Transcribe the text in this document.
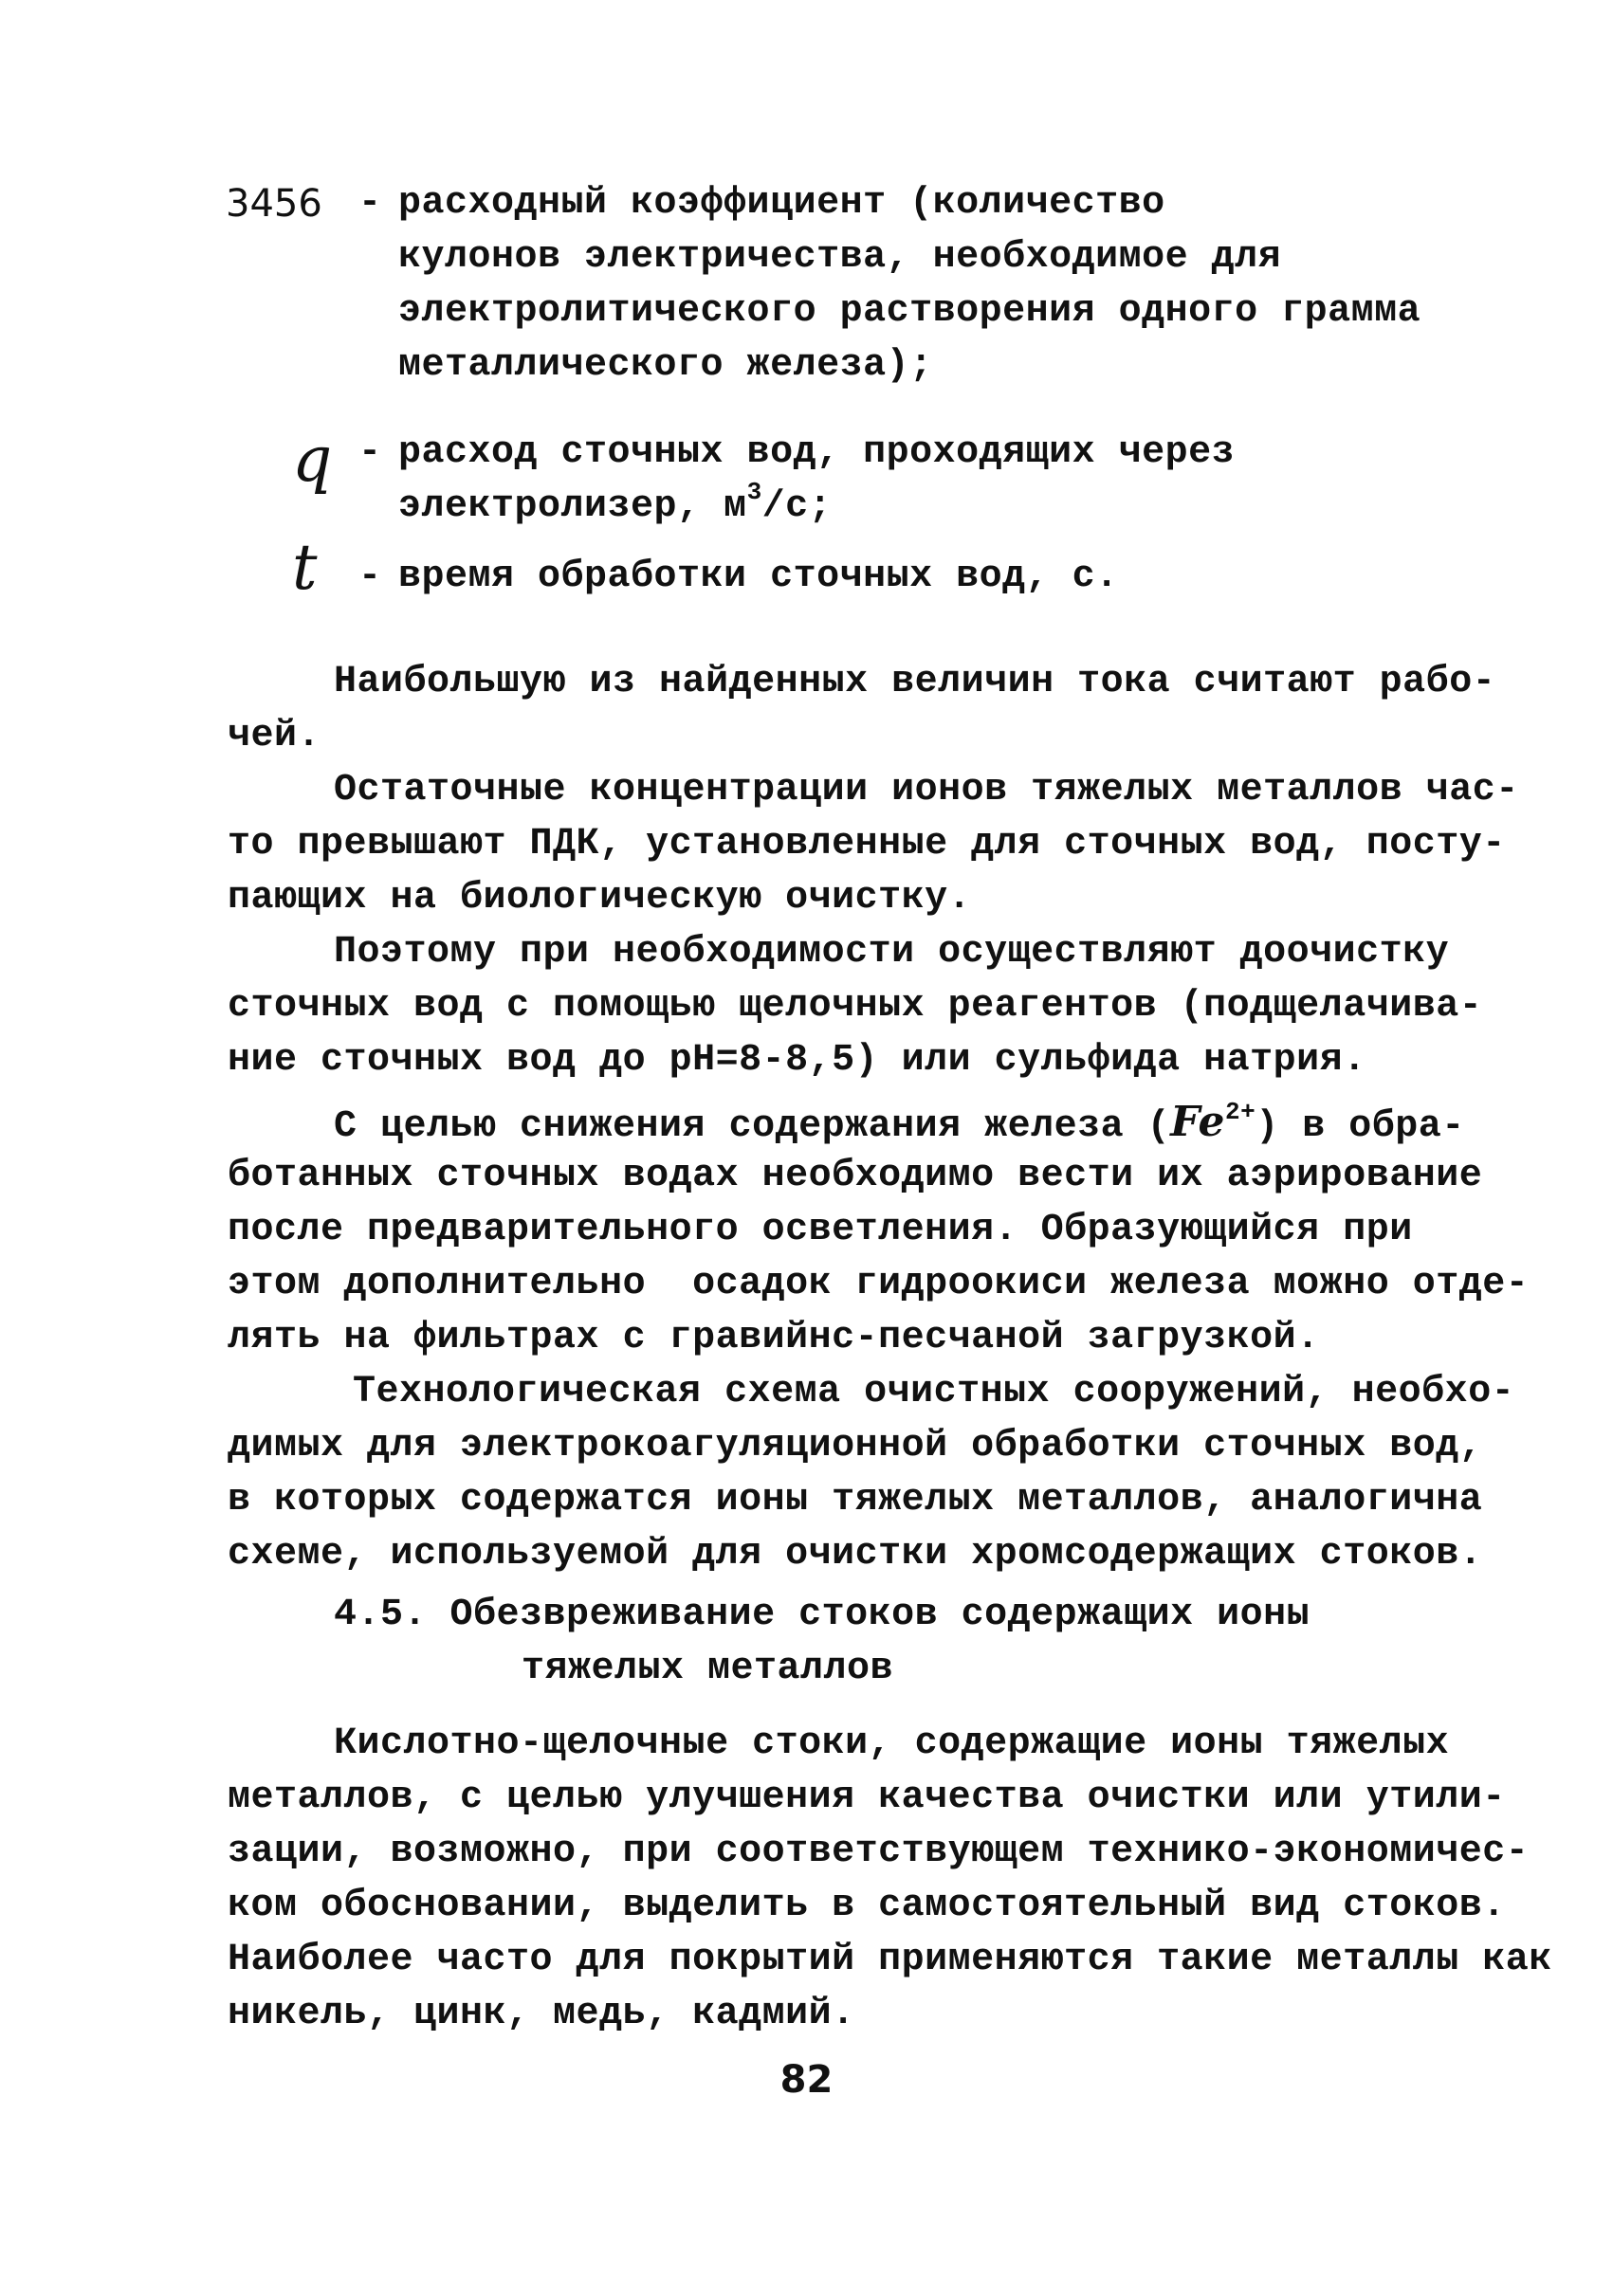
3456 - расходный коэффициент (количество
кулонов электричества, необходимое для
электролитического растворения одного грамма
металлического железа);
q - расход сточных вод, проходящих через
электролизер, $м^3/с$;
t - время обработки сточных вод, с.
Наибольшую из найденных величин тока считают рабо-
чей.
Остаточные концентрации ионов тяжелых металлов час-
то превышают ПДК, установленные для сточных вод, посту-
пающих на биологическую очистку.
Поэтому при необходимости осуществляют доочистку
сточных вод с помощью щелочных реагентов (подщелачива-
ние сточных вод до pH=8-8,5) или сульфида натрия.
С целью снижения содержания железа $(Fe^{2+})$ в обра-
ботанных сточных водах необходимо вести их аэрирование
после предварительного осветления. Образующийся при
этом дополнительно  осадок гидроокиси железа можно отде-
лять на фильтрах с гравийнс-песчаной загрузкой.
Технологическая схема очистных сооружений, необхо-
димых для электрокоагуляционной обработки сточных вод,
в которых содержатся ионы тяжелых металлов, аналогична
схеме, используемой для очистки хромсодержащих стоков.
4.5. Обезвреживание стоков содержащих ионы
тяжелых металлов
Кислотно-щелочные стоки, содержащие ионы тяжелых
металлов, с целью улучшения качества очистки или утили-
зации, возможно, при соответствующем технико-экономичес-
ком обосновании, выделить в самостоятельный вид стоков.
Наиболее часто для покрытий применяются такие металлы как
никель, цинк, медь, кадмий.
82
